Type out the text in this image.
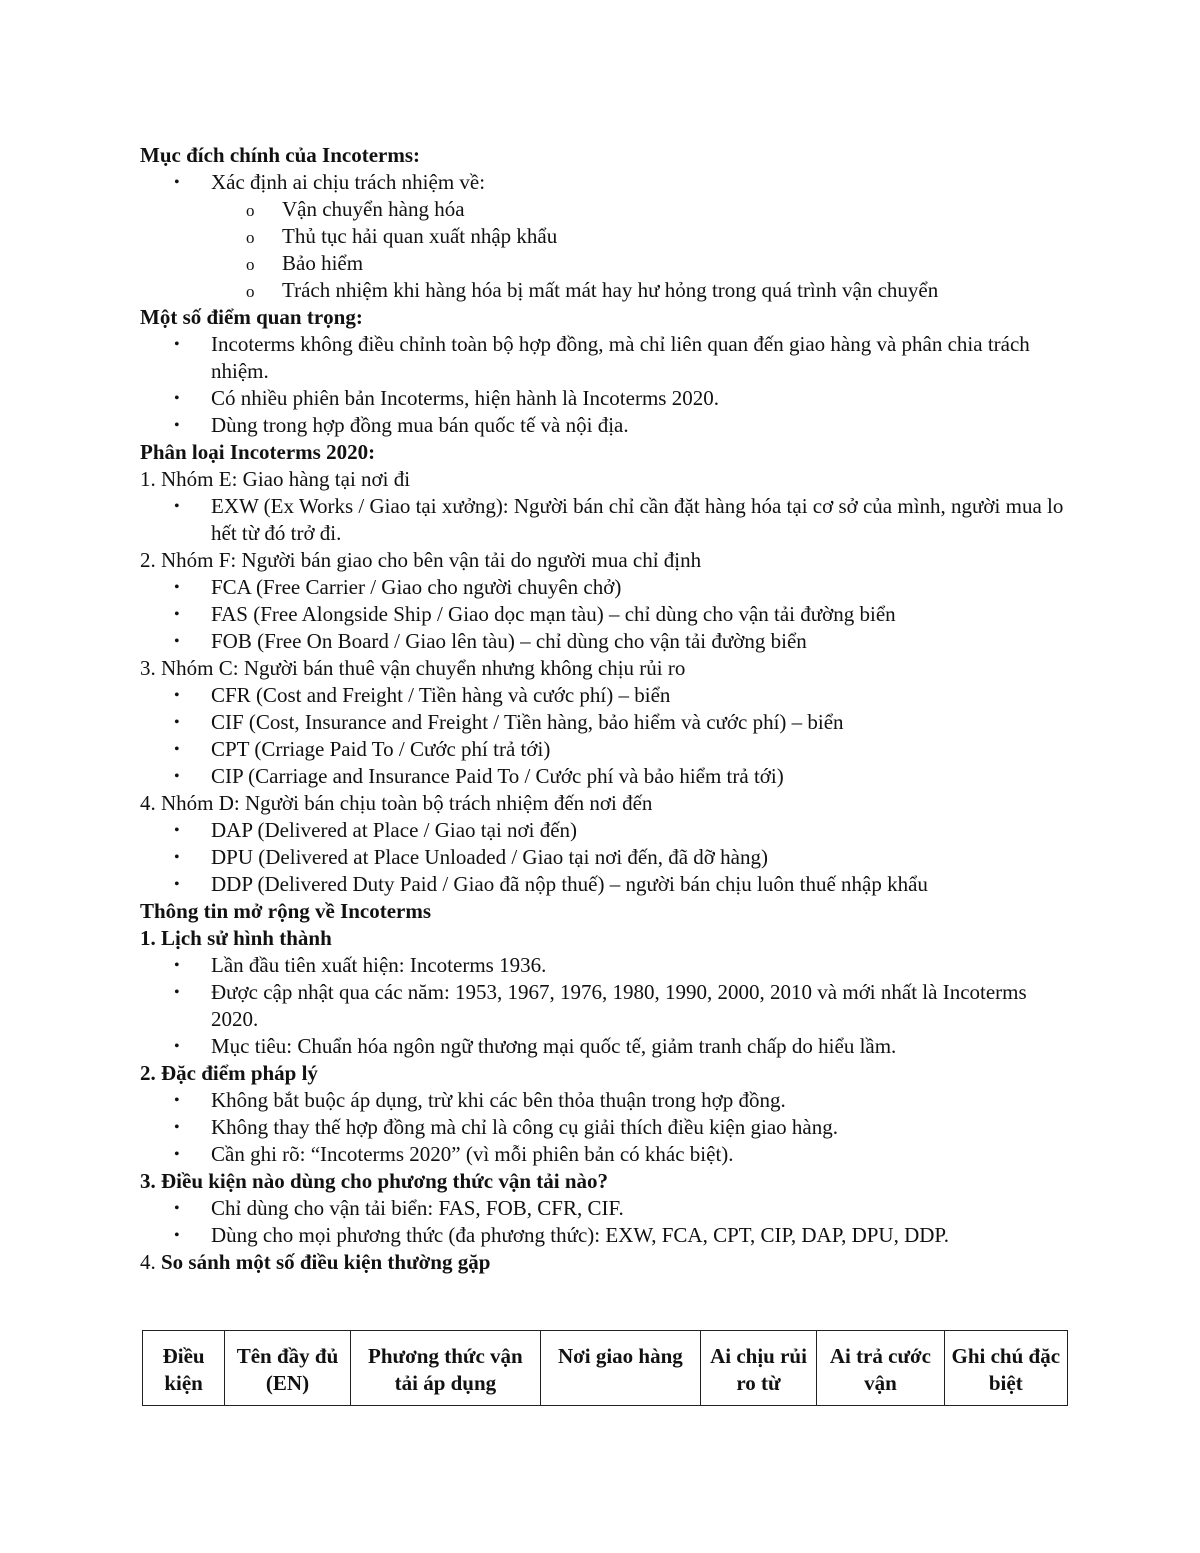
Mục đích chính của Incoterms:

• Xác định ai chịu trách nhiệm về:
o Vận chuyển hàng hóa
o Thủ tục hải quan xuất nhập khẩu
o Bảo hiểm
o Trách nhiệm khi hàng hóa bị mất mát hay hư hỏng trong quá trình vận chuyển

Một số điểm quan trọng:

• Incoterms không điều chỉnh toàn bộ hợp đồng, mà chỉ liên quan đến giao hàng và phân chia trách nhiệm.
• Có nhiều phiên bản Incoterms, hiện hành là Incoterms 2020.
• Dùng trong hợp đồng mua bán quốc tế và nội địa.

Phân loại Incoterms 2020:

1. Nhóm E: Giao hàng tại nơi đi

• EXW (Ex Works / Giao tại xưởng): Người bán chỉ cần đặt hàng hóa tại cơ sở của mình, người mua lo hết từ đó trở đi.

2. Nhóm F: Người bán giao cho bên vận tải do người mua chỉ định

• FCA (Free Carrier / Giao cho người chuyên chở)
• FAS (Free Alongside Ship / Giao dọc mạn tàu) – chỉ dùng cho vận tải đường biển
• FOB (Free On Board / Giao lên tàu) – chỉ dùng cho vận tải đường biển

3. Nhóm C: Người bán thuê vận chuyển nhưng không chịu rủi ro

• CFR (Cost and Freight / Tiền hàng và cước phí) – biển
• CIF (Cost, Insurance and Freight / Tiền hàng, bảo hiểm và cước phí) – biển
• CPT (Crriage Paid To / Cước phí trả tới)
• CIP (Carriage and Insurance Paid To / Cước phí và bảo hiểm trả tới)

4. Nhóm D: Người bán chịu toàn bộ trách nhiệm đến nơi đến

• DAP (Delivered at Place / Giao tại nơi đến)
• DPU (Delivered at Place Unloaded / Giao tại nơi đến, đã dỡ hàng)
• DDP (Delivered Duty Paid / Giao đã nộp thuế) – người bán chịu luôn thuế nhập khẩu

Thông tin mở rộng về Incoterms

1. Lịch sử hình thành

• Lần đầu tiên xuất hiện: Incoterms 1936.
• Được cập nhật qua các năm: 1953, 1967, 1976, 1980, 1990, 2000, 2010 và mới nhất là Incoterms 2020.
• Mục tiêu: Chuẩn hóa ngôn ngữ thương mại quốc tế, giảm tranh chấp do hiểu lầm.

2. Đặc điểm pháp lý

• Không bắt buộc áp dụng, trừ khi các bên thỏa thuận trong hợp đồng.
• Không thay thế hợp đồng mà chỉ là công cụ giải thích điều kiện giao hàng.
• Cần ghi rõ: “Incoterms 2020” (vì mỗi phiên bản có khác biệt).

3. Điều kiện nào dùng cho phương thức vận tải nào?

• Chỉ dùng cho vận tải biển: FAS, FOB, CFR, CIF.
• Dùng cho mọi phương thức (đa phương thức): EXW, FCA, CPT, CIP, DAP, DPU, DDP.

4. So sánh một số điều kiện thường gặp

Điều kiện	Tên đầy đủ (EN)	Phương thức vận tải áp dụng	Nơi giao hàng	Ai chịu rủi ro từ	Ai trả cước vận	Ghi chú đặc biệt
